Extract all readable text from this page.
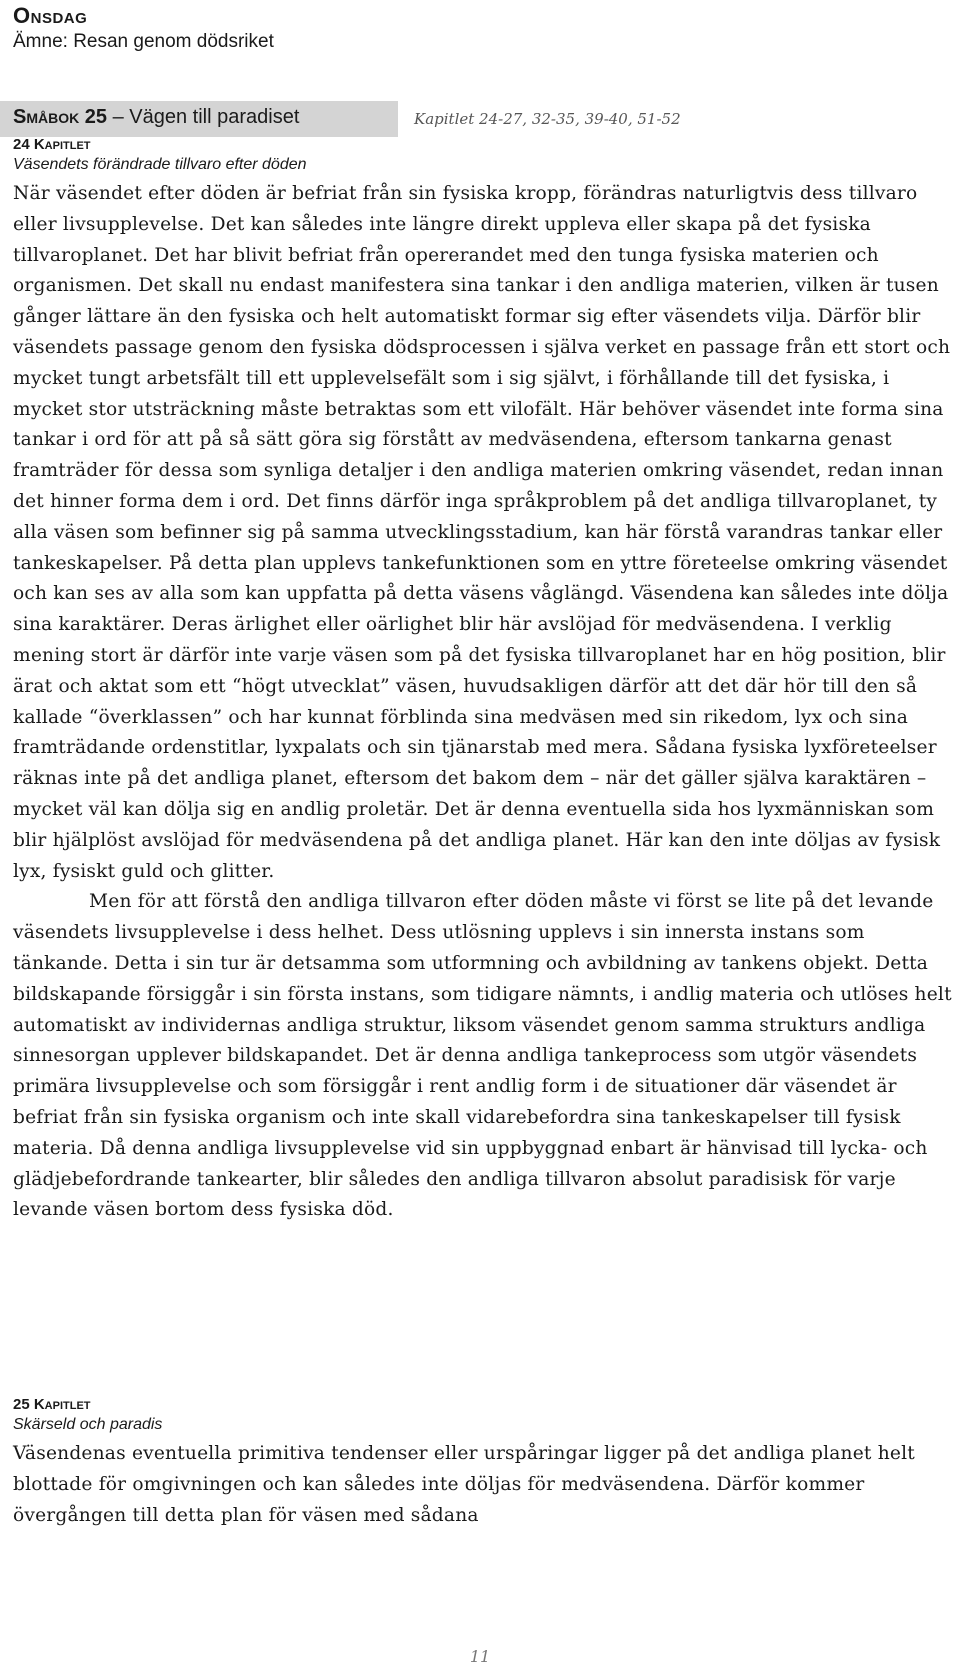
Onsdag
Ämne: Resan genom dödsriket
Småbok 25 – Vägen till paradiset	Kapitlet 24-27, 32-35, 39-40, 51-52
24 Kapitlet
Väsendets förändrade tillvaro efter döden

När väsendet efter döden är befriat från sin fysiska kropp, förändras naturligtvis dess tillvaro eller livsupplevelse. Det kan således inte längre direkt uppleva eller skapa på det fysiska tillvaroplanet. Det har blivit befriat från opererandet med den tunga fysiska materien och organismen. Det skall nu endast manifestera sina tankar i den andliga materien, vilken är tusen gånger lättare än den fysiska och helt automatiskt formar sig efter väsendets vilja. Därför blir väsendets passage genom den fysiska dödsprocessen i själva verket en passage från ett stort och mycket tungt arbetsfält till ett upplevelsefält som i sig självt, i förhållande till det fysiska, i mycket stor utsträckning måste betraktas som ett vilofält. Här behöver väsendet inte forma sina tankar i ord för att på så sätt göra sig förstått av medväsendena, eftersom tankarna genast framträder för dessa som synliga detaljer i den andliga materien omkring väsendet, redan innan det hinner forma dem i ord. Det finns därför inga språkproblem på det andliga tillvaroplanet, ty alla väsen som befinner sig på samma utvecklingsstadium, kan här förstå varandras tankar eller tankeskapelser. På detta plan upplevs tankefunktionen som en yttre företeelse omkring väsendet och kan ses av alla som kan uppfatta på detta väsens våglängd. Väsendena kan således inte dölja sina karaktärer. Deras ärlighet eller oärlighet blir här avslöjad för medväsendena. I verklig mening stort är därför inte varje väsen som på det fysiska tillvaroplanet har en hög position, blir ärat och aktat som ett “högt utvecklat” väsen, huvudsakligen därför att det där hör till den så kallade “överklassen” och har kunnat förblinda sina medväsen med sin rikedom, lyx och sina framträdande ordenstitlar, lyxpalats och sin tjänarstab med mera. Sådana fysiska lyxföreteelser räknas inte på det andliga planet, eftersom det bakom dem – när det gäller själva karaktären – mycket väl kan dölja sig en andlig proletär. Det är denna eventuella sida hos lyxmänniskan som blir hjälplöst avslöjad för medväsendena på det andliga planet. Här kan den inte döljas av fysisk lyx, fysiskt guld och glitter.

Men för att förstå den andliga tillvaron efter döden måste vi först se lite på det levande väsendets livsupplevelse i dess helhet. Dess utlösning upplevs i sin innersta instans som tänkande. Detta i sin tur är detsamma som utformning och avbildning av tankens objekt. Detta bildskapande försiggår i sin första instans, som tidigare nämnts, i andlig materia och utlöses helt automatiskt av individernas andliga struktur, liksom väsendet genom samma strukturs andliga sinnesorgan upplever bildskapandet. Det är denna andliga tankeprocess som utgör väsendets primära livsupplevelse och som försiggår i rent andlig form i de situationer där väsendet är befriat från sin fysiska organism och inte skall vidarebefordra sina tankeskapelser till fysisk materia. Då denna andliga livsupplevelse vid sin uppbyggnad enbart är hänvisad till lycka- och glädjebefordrande tankearter, blir således den andliga tillvaron absolut paradisisk för varje levande väsen bortom dess fysiska död.

25 Kapitlet
Skärseld och paradis

Väsendenas eventuella primitiva tendenser eller urspåringar ligger på det andliga planet helt blottade för omgivningen och kan således inte döljas för medväsendena. Därför kommer övergången till detta plan för väsen med sådana

11
